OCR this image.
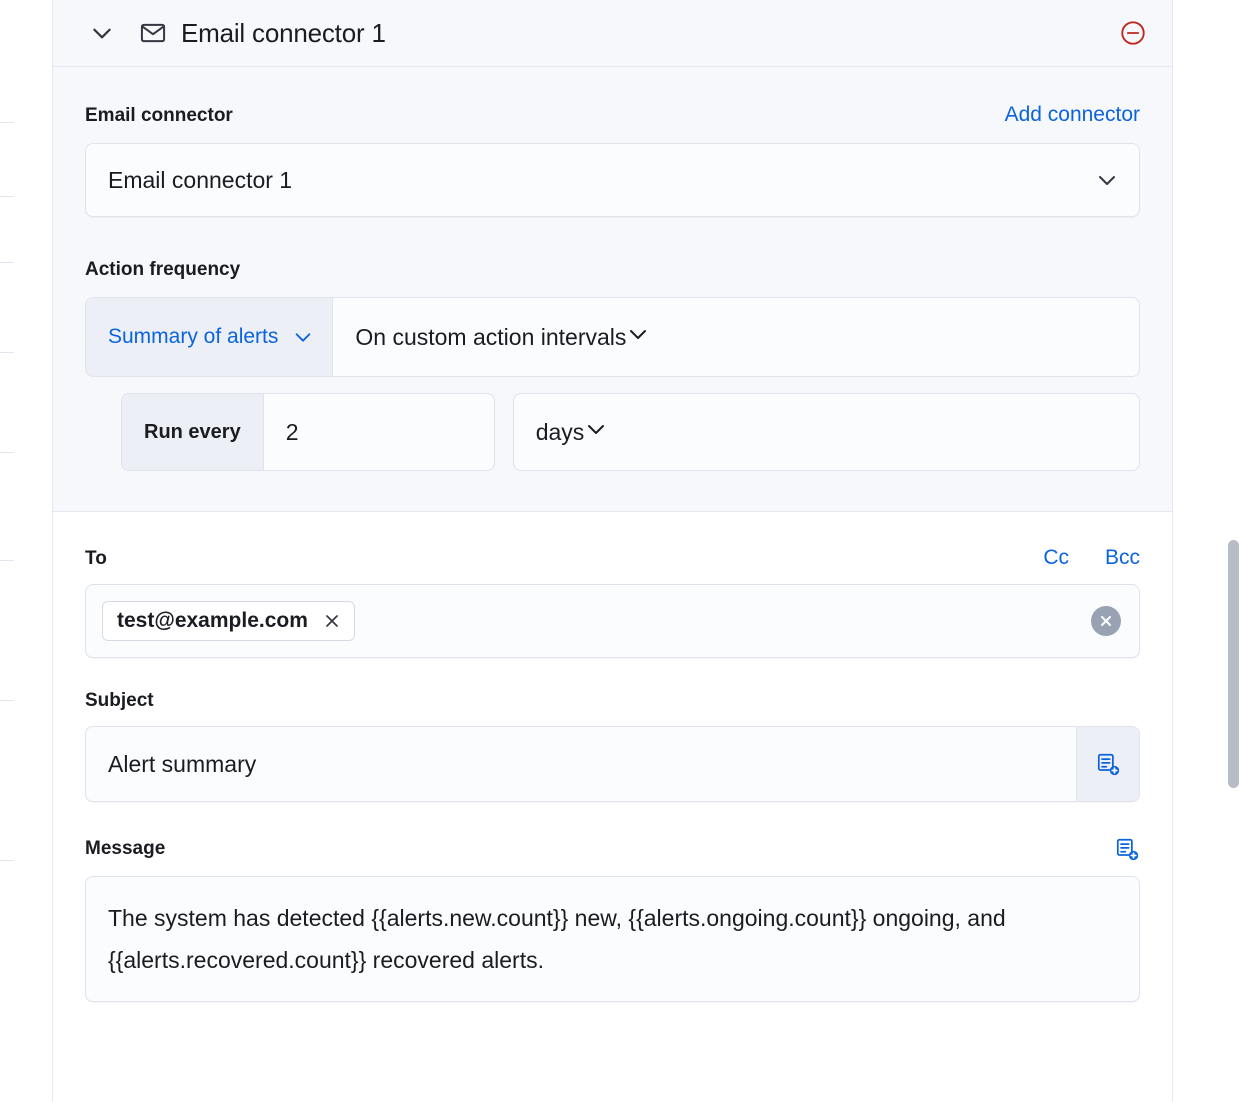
Email connector 1
Email connector	Add connector
Email connector 1
Action frequency
Summary of alerts	On custom action intervals
Run every	2	days
To	Cc Bcc
test@example.com
Subject
Alert summary
Message
The system has detected {{alerts.new.count}} new, {{alerts.ongoing.count}} ongoing, and {{alerts.recovered.count}} recovered alerts.
